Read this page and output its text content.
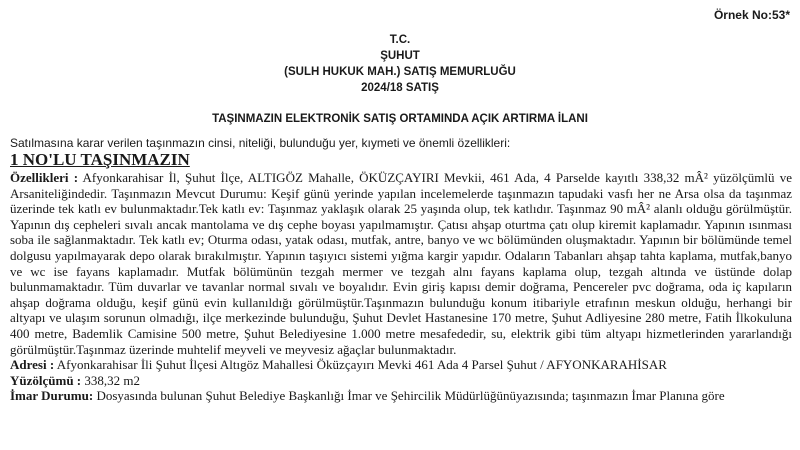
Örnek No:53*
T.C.
ŞUHUT
(SULH HUKUK MAH.) SATIŞ MEMURLUĞU
2024/18 SATIŞ
TAŞINMAZIN ELEKTRONİK SATIŞ ORTAMINDA AÇIK ARTIRMA İLANI
Satılmasına karar verilen taşınmazın cinsi, niteliği, bulunduğu yer, kıymeti ve önemli özellikleri:
1 NO'LU TAŞINMAZIN

Özellikleri : Afyonkarahisar İl, Şuhut İlçe, ALTIGÖZ Mahalle, ÖKÜZÇAYIRI Mevkii, 461 Ada, 4 Parselde kayıtlı 338,32 mÂ² yüzölçümlü ve Arsaniteliğindedir. Taşınmazın Mevcut Durumu: Keşif günü yerinde yapılan incelemelerde taşınmazın tapudaki vasfı her ne Arsa olsa da taşınmaz üzerinde tek katlı ev bulunmaktadır.Tek katlı ev: Taşınmaz yaklaşık olarak 25 yaşında olup, tek katlıdır. Taşınmaz 90 mÂ² alanlı olduğu görülmüştür. Yapının dış cepheleri sıvalı ancak mantolama ve dış cephe boyası yapılmamıştır. Çatısı ahşap oturtma çatı olup kiremit kaplamadır. Yapının ısınması soba ile sağlanmaktadır. Tek katlı ev; Oturma odası, yatak odası, mutfak, antre, banyo ve wc bölümünden oluşmaktadır. Yapının bir bölümünde temel dolgusu yapılmayarak depo olarak bırakılmıştır. Yapının taşıyıcı sistemi yığma kargir yapıdır. Odaların Tabanları ahşap tahta kaplama, mutfak,banyo ve wc ise fayans kaplamadır. Mutfak bölümünün tezgah mermer ve tezgah alnı fayans kaplama olup, tezgah altında ve üstünde dolap bulunmamaktadır. Tüm duvarlar ve tavanlar normal sıvalı ve boyalıdır. Evin giriş kapısı demir doğrama, Pencereler pvc doğrama, oda iç kapıların ahşap doğrama olduğu, keşif günü evin kullanıldığı görülmüştür.Taşınmazın bulunduğu konum itibariyle etrafının meskun olduğu, herhangi bir altyapı ve ulaşım sorunun olmadığı, ilçe merkezinde bulunduğu, Şuhut Devlet Hastanesine 170 metre, Şuhut Adliyesine 280 metre, Fatih İlkokuluna 400 metre, Bademlik Camisine 500 metre, Şuhut Belediyesine 1.000 metre mesafededir, su, elektrik gibi tüm altyapı hizmetlerinden yararlandığı görülmüştür.Taşınmaz üzerinde muhtelif meyveli ve meyvesiz ağaçlar bulunmaktadır.

Adresi : Afyonkarahisar İli Şuhut İlçesi Altıgöz Mahallesi Öküzçayırı Mevki 461 Ada 4 Parsel Şuhut / AFYONKARAHİSAR

Yüzölçümü : 338,32 m2

İmar Durumu: Dosyasında bulunan Şuhut Belediye Başkanlığı İmar ve Şehircilik Müdürlüğünüyazısında; taşınmazın İmar Planına göre
